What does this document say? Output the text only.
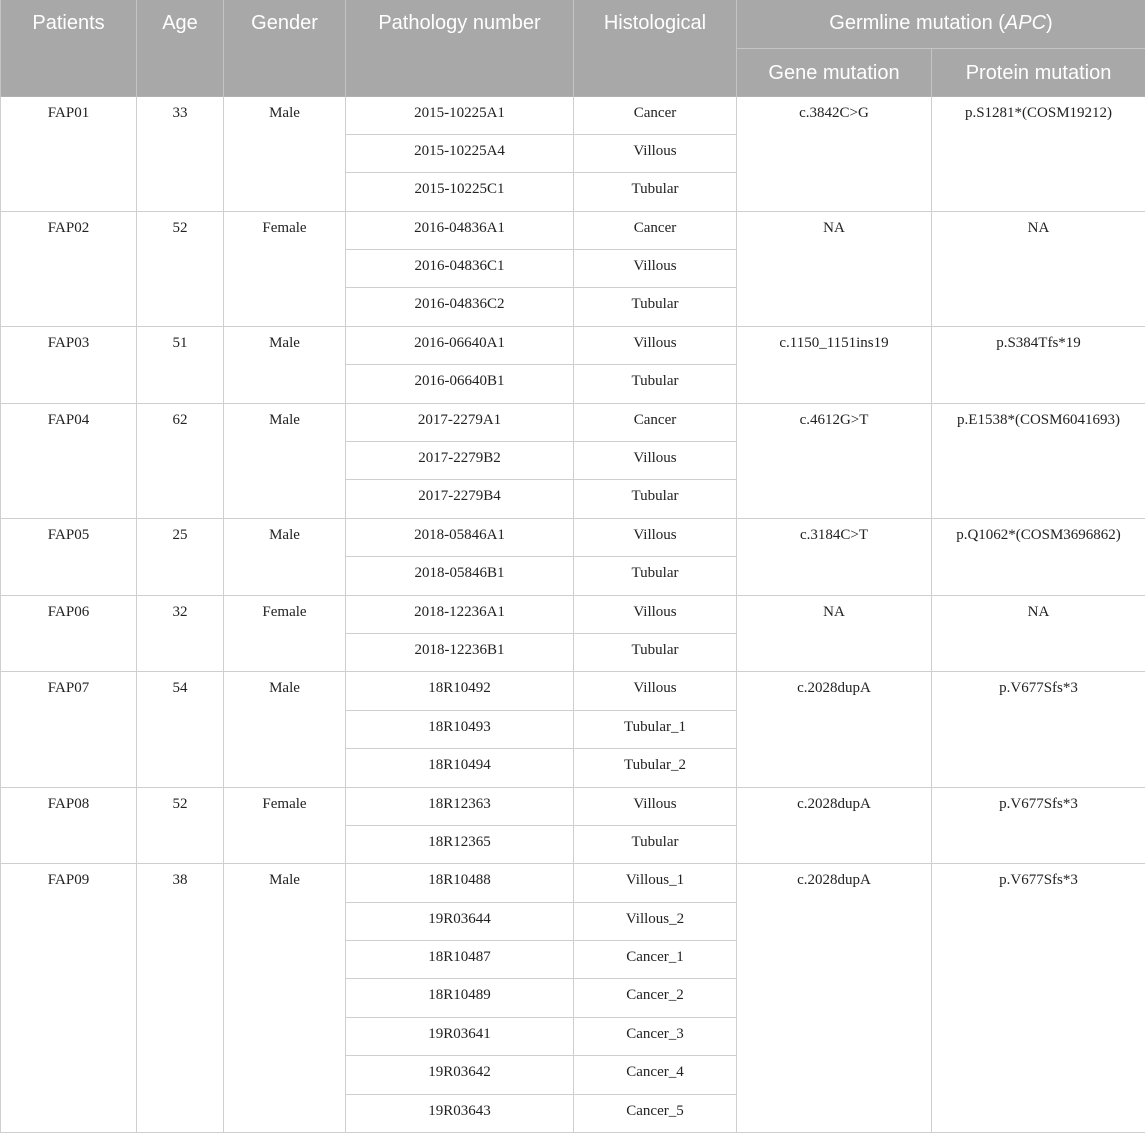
Patients	Age	Gender	Pathology number	Histological	Germline mutation (APC)	
					Gene mutation	Protein mutation
FAP01	33	Male	2015-10225A1	Cancer	c.3842C>G	p.S1281*(COSM19212)
			2015-10225A4	Villous		
			2015-10225C1	Tubular		
FAP02	52	Female	2016-04836A1	Cancer	NA	NA
			2016-04836C1	Villous		
			2016-04836C2	Tubular		
FAP03	51	Male	2016-06640A1	Villous	c.1150_1151ins19	p.S384Tfs*19
			2016-06640B1	Tubular		
FAP04	62	Male	2017-2279A1	Cancer	c.4612G>T	p.E1538*(COSM6041693)
			2017-2279B2	Villous		
			2017-2279B4	Tubular		
FAP05	25	Male	2018-05846A1	Villous	c.3184C>T	p.Q1062*(COSM3696862)
			2018-05846B1	Tubular		
FAP06	32	Female	2018-12236A1	Villous	NA	NA
			2018-12236B1	Tubular		
FAP07	54	Male	18R10492	Villous	c.2028dupA	p.V677Sfs*3
			18R10493	Tubular_1		
			18R10494	Tubular_2		
FAP08	52	Female	18R12363	Villous	c.2028dupA	p.V677Sfs*3
			18R12365	Tubular		
FAP09	38	Male	18R10488	Villous_1	c.2028dupA	p.V677Sfs*3
			19R03644	Villous_2		
			18R10487	Cancer_1		
			18R10489	Cancer_2		
			19R03641	Cancer_3		
			19R03642	Cancer_4		
			19R03643	Cancer_5		
